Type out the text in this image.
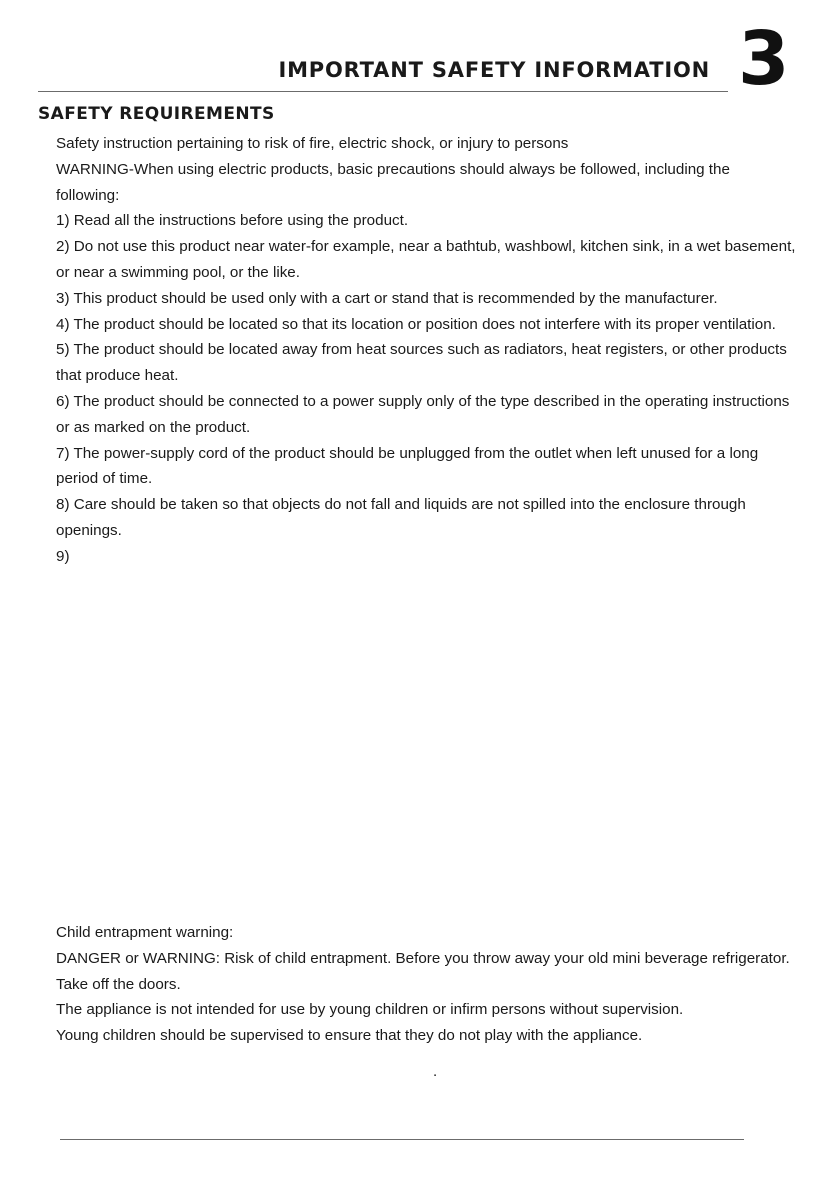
IMPORTANT SAFETY INFORMATION 3
SAFETY REQUIREMENTS

Safety instruction pertaining to risk of fire, electric shock, or injury to persons

WARNING-When using electric products, basic precautions should always be followed, including the following:

1) Read all the instructions before using the product.

2) Do not use this product near water-for example, near a bathtub, washbowl, kitchen sink, in a wet basement, or near a swimming pool, or the like.

3) This product should be used only with a cart or stand that is recommended by the manufacturer.

4) The product should be located so that its location or position does not interfere with its proper ventilation.

5) The product should be located away from heat sources such as radiators, heat registers, or other products that produce heat.

6) The product should be connected to a power supply only of the type described in the operating instructions or as marked on the product.

7) The power-supply cord of the product should be unplugged from the outlet when left unused for a long period of time.

8) Care should be taken so that objects do not fall and liquids are not spilled into the enclosure through openings.

9)

Child entrapment warning:

DANGER or WARNING: Risk of child entrapment. Before you throw away your old mini beverage refrigerator. Take off the doors.

The appliance is not intended for use by young children or infirm persons without supervision.

Young children should be supervised to ensure that they do not play with the appliance.

.
